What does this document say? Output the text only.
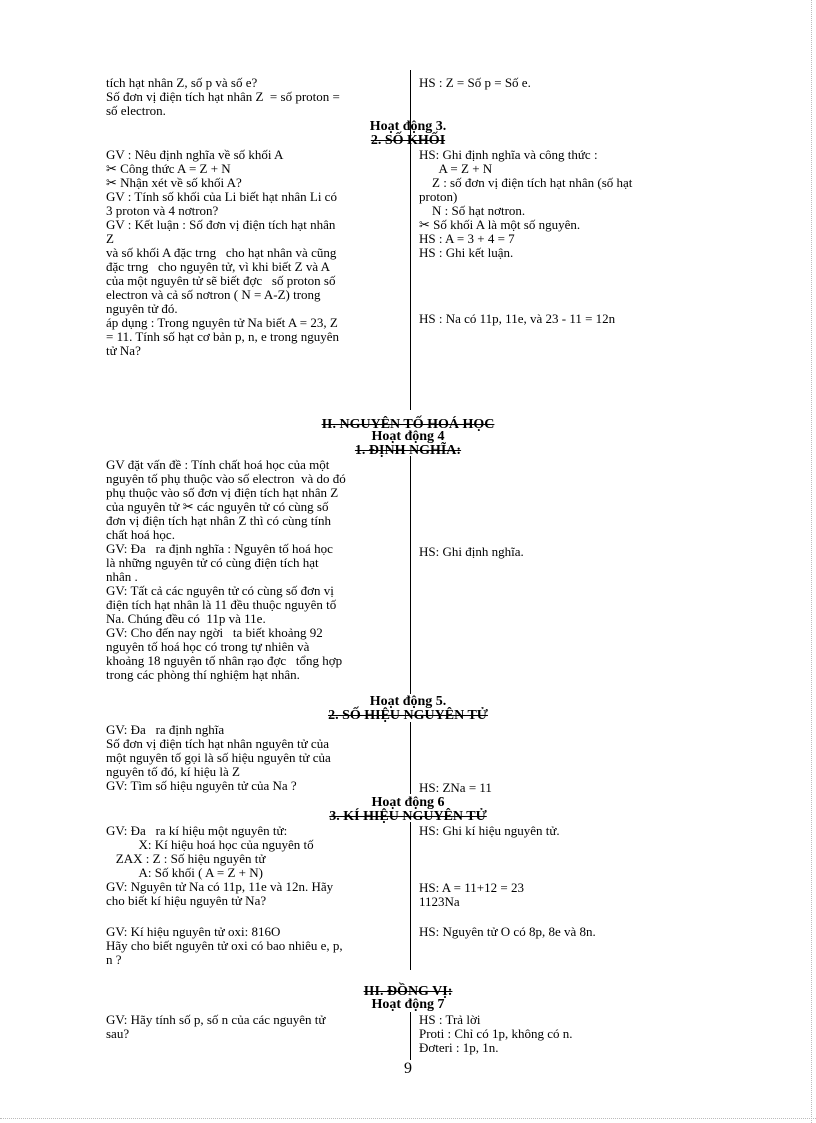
tích hạt nhân Z, số p và số e?
Số đơn vị điện tích hạt nhân Z  = số proton =
số electron.
HS : Z = Số p = Số e.
Hoạt động 3.
2. SỐ KHỐI
GV : Nêu định nghĩa về số khối A
✂ Công thức A = Z + N
✂ Nhận xét về số khối A?
GV : Tính số khối của Li biết hạt nhân Li có
3 proton và 4 nơtron?
GV : Kết luận : Số đơn vị điện tích hạt nhân
Z
và số khối A đặc trng   cho hạt nhân và cũng
đặc trng   cho nguyên tử, vì khi biết Z và A
của một nguyên tử sẽ biết đợc   số proton số
electron và cả số nơtron ( N = A-Z) trong
nguyên tử đó.
áp dụng : Trong nguyên tử Na biết A = 23, Z
= 11. Tính số hạt cơ bản p, n, e trong nguyên
tử Na?
HS: Ghi định nghĩa và công thức :
A = Z + N
Z : số đơn vị điện tích hạt nhân (số hạt
proton)
N : Số hạt nơtron.
✂ Số khối A là một số nguyên.
HS : A = 3 + 4 = 7
HS : Ghi kết luận.
HS : Na có 11p, 11e, và 23 - 11 = 12n
II. NGUYÊN TỐ HOÁ HỌC
Hoạt động 4
1. ĐỊNH NGHĨA:
GV đặt vấn đề : Tính chất hoá học của một
nguyên tố phụ thuộc vào số electron  và do đó
phụ thuộc vào số đơn vị điện tích hạt nhân Z
của nguyên tử ✂ các nguyên tử có cùng số
đơn vị điện tích hạt nhân Z thì có cùng tính
chất hoá học.
GV: Đa   ra định nghĩa : Nguyên tố hoá học
là những nguyên tử có cùng điện tích hạt
nhân .
GV: Tất cả các nguyên tử có cùng số đơn vị
điện tích hạt nhân là 11 đều thuộc nguyên tố
Na. Chúng đều có  11p và 11e.
GV: Cho đến nay ngời   ta biết khoảng 92
nguyên tố hoá học có trong tự nhiên và
khoảng 18 nguyên tố nhân rạo đợc   tổng hợp
trong các phòng thí nghiệm hạt nhân.
HS: Ghi định nghĩa.
Hoạt động 5.
2. SỐ HIỆU NGUYÊN TỬ
GV: Đa   ra định nghĩa
Số đơn vị điện tích hạt nhân nguyên tử của
một nguyên tố gọi là số hiệu nguyên tử của
nguyên tố đó, kí hiệu là Z
GV: Tìm số hiệu nguyên tử của Na ?	HS: ZNa = 11
Hoạt động 6
3. KÍ HIỆU NGUYÊN TỬ
GV: Đa   ra kí hiệu một nguyên tử:
X: Kí hiệu hoá học của nguyên tố
ZAX : Z : Số hiệu nguyên tử
A: Số khối ( A = Z + N)
GV: Nguyên tử Na có 11p, 11e và 12n. Hãy
cho biết kí hiệu nguyên tử Na?
GV: Kí hiệu nguyên tử oxi: 816O
Hãy cho biết nguyên tử oxi có bao nhiêu e, p,
n ?
HS: Ghi kí hiệu nguyên tử.
HS: A = 11+12 = 23
1123Na
HS: Nguyên tử O có 8p, 8e và 8n.
III. ĐỒNG VỊ:
Hoạt động 7
GV: Hãy tính số p, số n của các nguyên tử
sau?
HS : Trả lời
Proti : Chỉ có 1p, không có n.
Đơteri : 1p, 1n.
9
